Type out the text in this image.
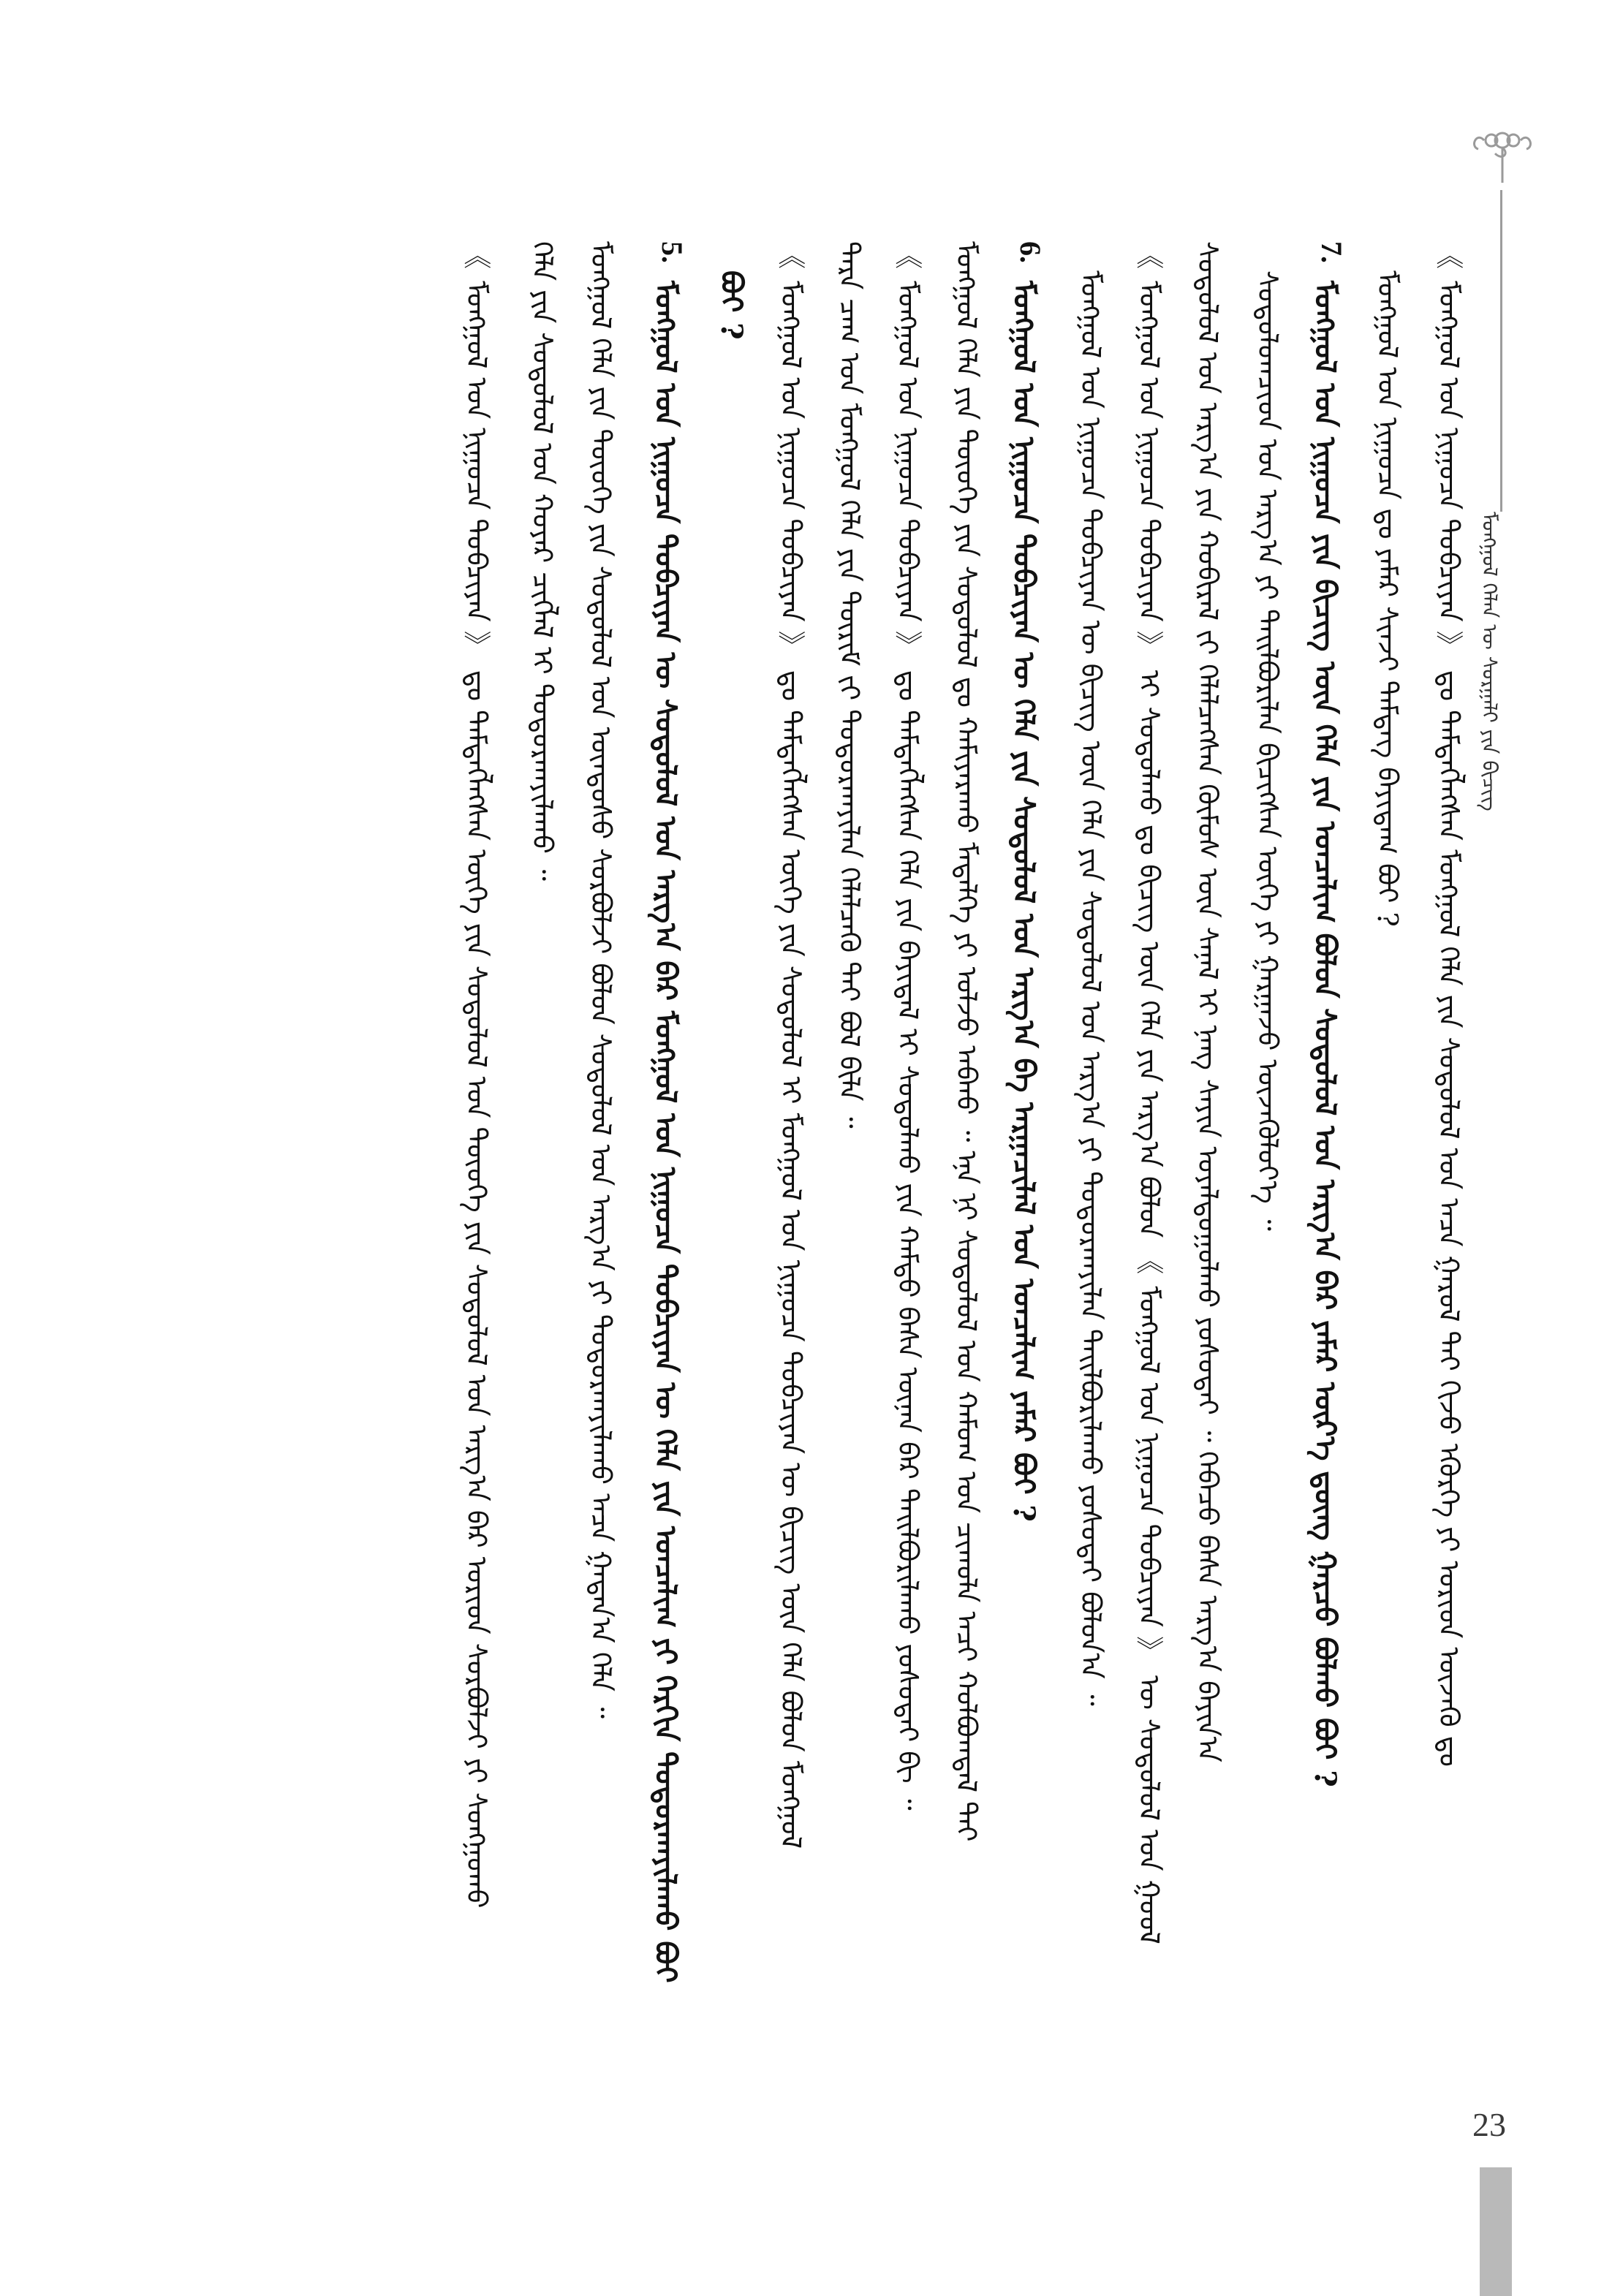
ᠮᠣᠩᠭᠣᠯ ᠬᠡᠯᠡᠨ ᠦ ᠰᠤᠷᠭᠠᠯᠢ ᠶᠢᠨ ᠪᠢᠴᠢᠭ
《 ᠮᠣᠩᠭᠣᠯ ᠤᠨ ᠨᠢᠭᠤᠴᠠ ᠲᠣᠪᠴᠢᠶᠠᠨ 》 ᠳᠤ ᠲᠡᠮᠳᠡᠭᠯᠡᠭᠰᠡᠨ ᠮᠣᠩᠭᠣᠯ ᠬᠡᠯᠡ ᠶᠢᠨ ᠰᠤᠳᠤᠯᠤᠯ ᠤᠨ ᠠᠴᠠ ᠭᠠᠷᠤᠯ ᠲᠠᠢ ᠬᠢᠵᠦ ᠡᠭᠦᠷᠭᠡ ᠶᠢ ᠤᠷᠢᠳ ᠦᠵᠡᠬᠦ ᠳᠤ
ᠮᠣᠩᠭᠣᠯ ᠤᠨ ᠨᠢᠭᠤᠴᠠ ᠳᠤ ᠶᠠᠮᠠᠷ ᠰᠢᠨᠵᠢ ᠲᠡᠮᠳᠡᠭ ᠪᠠᠶᠢᠳᠠᠭ ᠪᠤᠢ ?
7.
ᠮᠣᠩᠭᠣᠯ ᠤᠨ ᠨᠢᠭᠤᠴᠠ ᠶᠢᠨ ᠪᠢᠴᠢᠭ ᠦᠨ ᠬᠡᠯᠡ ᠶᠢᠨ ᠣᠨᠴᠠᠯᠢᠭ ᠪᠣᠯᠤᠨ ᠰᠤᠳᠤᠯᠤᠯ ᠤᠨ ᠠᠷᠭ᠎ᠠ ᠪᠠᠷ ᠶᠠᠮᠠᠷ ᠦᠷ᠎ᠡ ᠳ᠋ᠦᠩ ᠭᠠᠷᠴᠤ ᠪᠣᠯᠬᠤ ᠪᠤᠢ ?
ᠰᠤᠳᠤᠯᠤᠭᠴᠢᠳ ᠤᠨ ᠠᠷᠭ᠎ᠠ ᠶᠢ ᠲᠠᠢᠯᠪᠤᠷᠢᠯᠠᠨ ᠪᠢᠴᠢᠭᠰᠡᠨ ᠦᠭᠡ ᠶᠢ ᠭᠠᠷᠭᠠᠵᠤ ᠦᠵᠡᠭᠦᠯᠦᠶ᠎ᠡ ᠃
ᠰᠤᠳᠤᠯᠤᠯ ᠤᠨ ᠠᠷᠭ᠎ᠠ ᠶᠢᠨ ᠬᠤᠪᠢᠷᠠᠯ ᠵᠢ ᠬᠡᠯᠡᠯᠴᠡᠭᠰᠡᠨ ᠬᠦᠮᠦᠰ ᠦᠨ ᠰᠠᠨᠠᠯ ᠢ ᠨᠡᠩ ᠰᠠᠶᠢᠨ ᠤᠶᠠᠯᠳᠤᠭᠤᠯᠬᠤ ᠶᠤᠰᠤᠲᠠᠢ ᠃ ᠭᠡᠪᠡᠴᠦ ᠪᠠᠰᠠ ᠠᠷᠭ᠎ᠠ ᠪᠠᠶᠢᠨ᠎ᠠ
《 ᠮᠣᠩᠭᠣᠯ ᠤᠨ ᠨᠢᠭᠤᠴᠠ ᠲᠣᠪᠴᠢᠶᠠᠨ 》 ᠢ ᠰᠤᠳᠤᠯᠬᠤ ᠳᠤ ᠪᠢᠴᠢᠭ ᠦᠨ ᠬᠡᠯᠡ ᠶᠢᠨ ᠠᠷᠭ᠎ᠠ ᠪᠣᠯᠤᠨ 《 ᠮᠣᠩᠭᠣᠯ ᠤᠨ ᠨᠢᠭᠤᠴᠠ ᠲᠣᠪᠴᠢᠶᠠᠨ 》 ᠦ ᠰᠤᠳᠤᠯᠤᠯ ᠤᠨ ᠭᠣᠣᠯ
ᠮᠣᠩᠭᠣᠯ ᠤᠨ ᠨᠢᠭᠤᠴᠠ ᠲᠣᠪᠴᠢᠶᠠᠨ ᠦ ᠪᠢᠴᠢᠭ ᠦᠨ ᠬᠡᠯᠡ ᠶᠢᠨ ᠰᠤᠳᠤᠯᠤᠯ ᠤᠨ ᠠᠷᠭ᠎ᠠ ᠶᠢ ᠲᠣᠳᠤᠷᠬᠠᠶᠢᠯᠠᠨ ᠲᠠᠢᠯᠪᠤᠷᠢᠯᠠᠬᠤ ᠶᠤᠰᠤᠲᠠᠢ ᠪᠣᠯᠤᠨ᠎ᠠ ᠃
6.
ᠮᠣᠩᠭᠣᠯ ᠤᠨ ᠨᠢᠭᠤᠴᠠ ᠲᠣᠪᠴᠢᠶᠠᠨ ᠦ ᠬᠡᠯᠡ ᠶᠢᠨ ᠰᠤᠳᠤᠯᠤᠯ ᠤᠨ ᠠᠷᠭ᠎ᠠ ᠪᠠ ᠠᠷᠭᠠᠴᠢᠯᠠᠯ ᠤᠨ ᠣᠨᠴᠠᠯᠢᠭ ᠶᠠᠮᠠᠷ ᠪᠤᠢ ?
ᠮᠣᠩᠭᠣᠯ ᠬᠡᠯᠡ ᠶᠢᠨ ᠲᠦᠦᠬᠡ ᠶᠢᠨ ᠰᠤᠳᠤᠯᠤᠯ ᠳᠤ ᠬᠠᠮᠢᠶᠠᠷᠠᠬᠤ ᠮᠡᠳᠡᠯᠭᠡ ᠶᠢ ᠣᠯᠵᠤ ᠠᠪᠬᠤ ᠃ ᠡᠨᠡ ᠨᠢ ᠰᠤᠳᠤᠯᠤᠯ ᠤᠨ ᠬᠠᠮᠤᠭ ᠤᠨ ᠴᠢᠬᠤᠯᠠ ᠠᠴᠢ ᠬᠣᠯᠪᠣᠭᠳᠠᠯ ᠲᠠᠢ
《 ᠮᠣᠩᠭᠣᠯ ᠤᠨ ᠨᠢᠭᠤᠴᠠ ᠲᠣᠪᠴᠢᠶᠠᠨ 》 ᠳᠤ ᠲᠡᠮᠳᠡᠭᠯᠡᠭᠰᠡᠨ ᠬᠡᠯᠡ ᠶᠢᠨ ᠪᠠᠶᠢᠳᠠᠯ ᠢ ᠰᠤᠳᠤᠯᠬᠤ ᠶᠢᠨ ᠬᠠᠮᠲᠤ ᠪᠠᠰᠠ ᠦᠨᠡᠨ ᠪᠡᠷ ᠲᠠᠢᠯᠪᠤᠷᠢᠯᠠᠬᠤ ᠶᠤᠰᠤᠲᠠᠢ ᠪᠢ ᠃
ᠲᠡᠷᠡ ᠴᠠᠭ ᠤᠨ ᠮᠣᠩᠭᠣᠯ ᠬᠡᠯᠡ ᠶᠢᠨ ᠳᠦᠷᠢᠮ ᠵᠢ ᠲᠣᠳᠤᠷᠬᠠᠶᠢᠯᠠᠨ ᠬᠡᠯᠡᠯᠴᠡᠬᠦ ᠲᠠᠢ ᠪᠣᠯ ᠪᠢᠯᠡ ᠃
《 ᠮᠣᠩᠭᠣᠯ ᠤᠨ ᠨᠢᠭᠤᠴᠠ ᠲᠣᠪᠴᠢᠶᠠᠨ 》 ᠳᠤ ᠲᠡᠮᠳᠡᠭᠯᠡᠭᠰᠡᠨ ᠦᠭᠡ ᠶᠢᠨ ᠰᠤᠳᠤᠯᠤᠯ ᠢ ᠮᠣᠩᠭᠣᠯ ᠤᠨ ᠨᠢᠭᠤᠴᠠ ᠲᠣᠪᠴᠢᠶᠠᠨ ᠦ ᠪᠢᠴᠢᠭ ᠦᠨ ᠬᠡᠯᠡ ᠪᠣᠯᠤᠨ ᠮᠣᠩᠭᠣᠯ
ᠪᠤᠢ ?
5.
ᠮᠣᠩᠭᠣᠯ ᠤᠨ ᠨᠢᠭᠤᠴᠠ ᠲᠣᠪᠴᠢᠶᠠᠨ ᠦ ᠰᠤᠳᠤᠯᠤᠯ ᠤᠨ ᠠᠷᠭ᠎ᠠ ᠪᠠᠷ ᠮᠣᠩᠭᠣᠯ ᠤᠨ ᠨᠢᠭᠤᠴᠠ ᠲᠣᠪᠴᠢᠶᠠᠨ ᠦ ᠬᠡᠯᠡ ᠶᠢᠨ ᠣᠨᠴᠠᠯᠢᠭ ᠶᠢ ᠬᠡᠷᠬᠢᠨ ᠲᠣᠳᠤᠷᠬᠠᠶᠢᠯᠠᠬᠤ ᠪᠤᠢ
ᠮᠣᠩᠭᠣᠯ ᠬᠡᠯᠡ ᠶᠢᠨ ᠲᠦᠦᠬᠡ ᠶᠢᠨ ᠰᠤᠳᠤᠯᠤᠯ ᠤᠨ ᠦᠨᠳᠦᠰᠦ ᠰᠤᠷᠪᠤᠯᠵᠢ ᠪᠣᠯᠤᠨ ᠰᠤᠳᠤᠯᠤᠯ ᠤᠨ ᠠᠷᠭ᠎ᠠ ᠶᠢ ᠲᠣᠳᠤᠷᠬᠠᠶᠢᠯᠠᠬᠤ ᠠᠴᠠ ᠭᠠᠳᠠᠨ᠎ᠠ ᠬᠡᠯᠡ ᠃
ᠬᠡᠯᠡ ᠶᠢᠨ ᠰᠤᠳᠤᠯᠤᠯ ᠤᠨ ᠬᠣᠶᠠᠷ ᠴᠢᠭᠯᠡᠯ ᠢ ᠲᠣᠳᠤᠷᠬᠠᠶᠢᠯᠠᠬᠤ ᠃
《 ᠮᠣᠩᠭᠣᠯ ᠤᠨ ᠨᠢᠭᠤᠴᠠ ᠲᠣᠪᠴᠢᠶᠠᠨ 》 ᠳᠤ ᠲᠡᠮᠳᠡᠭᠯᠡᠭᠰᠡᠨ ᠦᠭᠡ ᠶᠢᠨ ᠰᠤᠳᠤᠯᠤᠯ ᠤᠨ ᠲᠦᠦᠬᠡ ᠶᠢᠨ ᠰᠤᠳᠤᠯᠤᠯ ᠤᠨ ᠠᠷᠭ᠎ᠠ ᠪᠠᠷ ᠤᠷᠢᠳ ᠰᠤᠷᠪᠤᠯᠵᠢ ᠶᠢ ᠰᠣᠩᠭᠣᠬᠤ
23
